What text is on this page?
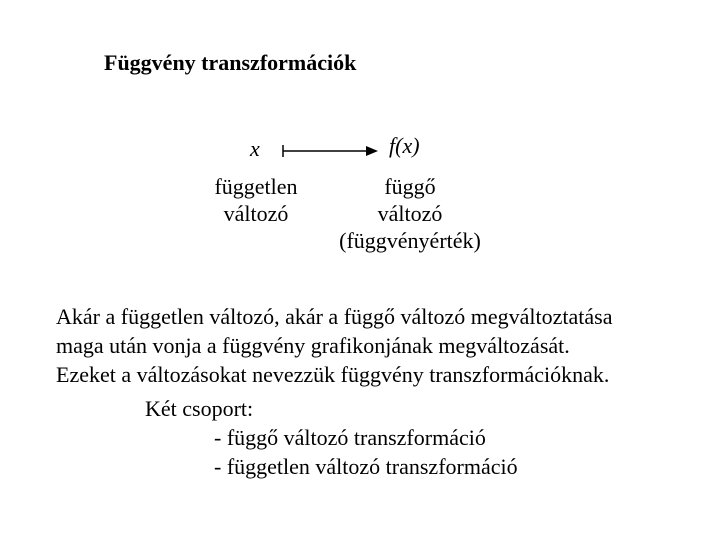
Függvény transzformációk
x	f(x)
független
változó
függő
változó
(függvényérték)
Akár a független változó, akár a függő változó megváltoztatása
maga után vonja a függvény grafikonjának megváltozását.
Ezeket a változásokat nevezzük függvény transzformációknak.
Két csoport:
- függő változó transzformáció
- független változó transzformáció
